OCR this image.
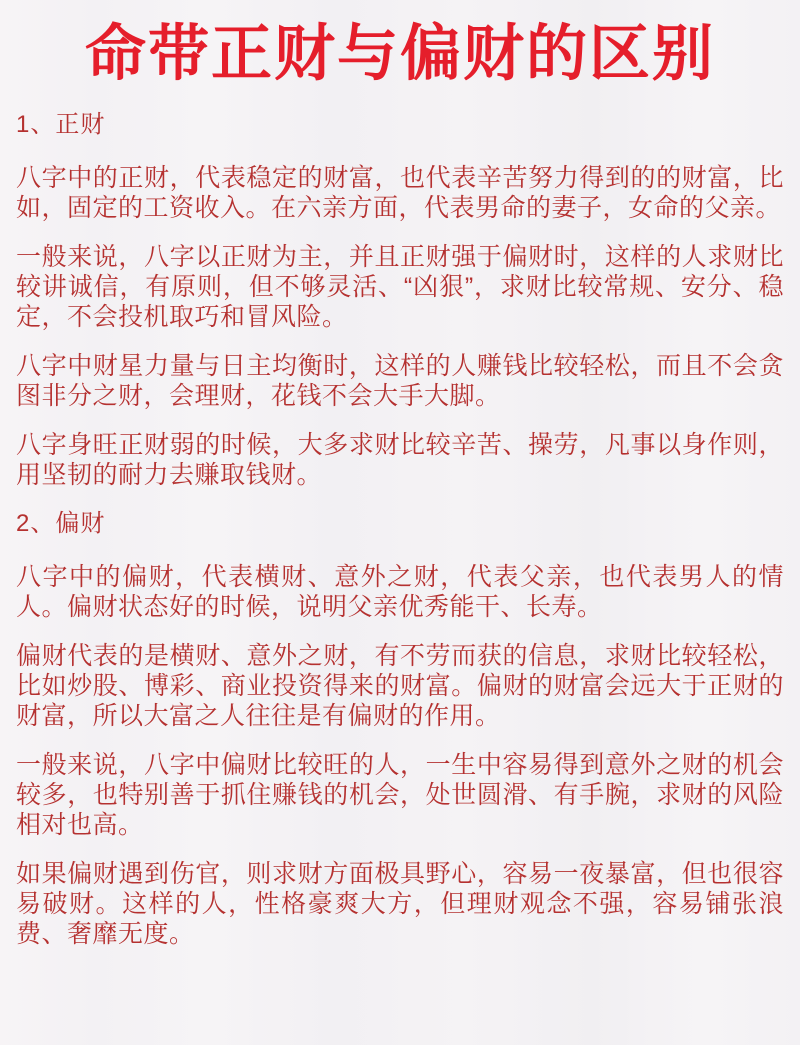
命带正财与偏财的区别
1、正财

八字中的正财，代表稳定的财富，也代表辛苦努力得到的的财富，比如，固定的工资收入。在六亲方面，代表男命的妻子，女命的父亲。

一般来说，八字以正财为主，并且正财强于偏财时，这样的人求财比较讲诚信，有原则，但不够灵活、“凶狠”，求财比较常规、安分、稳定，不会投机取巧和冒风险。

八字中财星力量与日主均衡时，这样的人赚钱比较轻松，而且不会贪图非分之财，会理财，花钱不会大手大脚。

八字身旺正财弱的时候，大多求财比较辛苦、操劳，凡事以身作则，用坚韧的耐力去赚取钱财。

2、偏财

八字中的偏财，代表横财、意外之财，代表父亲，也代表男人的情人。偏财状态好的时候，说明父亲优秀能干、长寿。

偏财代表的是横财、意外之财，有不劳而获的信息，求财比较轻松，比如炒股、博彩、商业投资得来的财富。偏财的财富会远大于正财的财富，所以大富之人往往是有偏财的作用。

一般来说，八字中偏财比较旺的人，一生中容易得到意外之财的机会较多，也特别善于抓住赚钱的机会，处世圆滑、有手腕，求财的风险相对也高。

如果偏财遇到伤官，则求财方面极具野心，容易一夜暴富，但也很容易破财。这样的人，性格豪爽大方，但理财观念不强，容易铺张浪费、奢靡无度。
